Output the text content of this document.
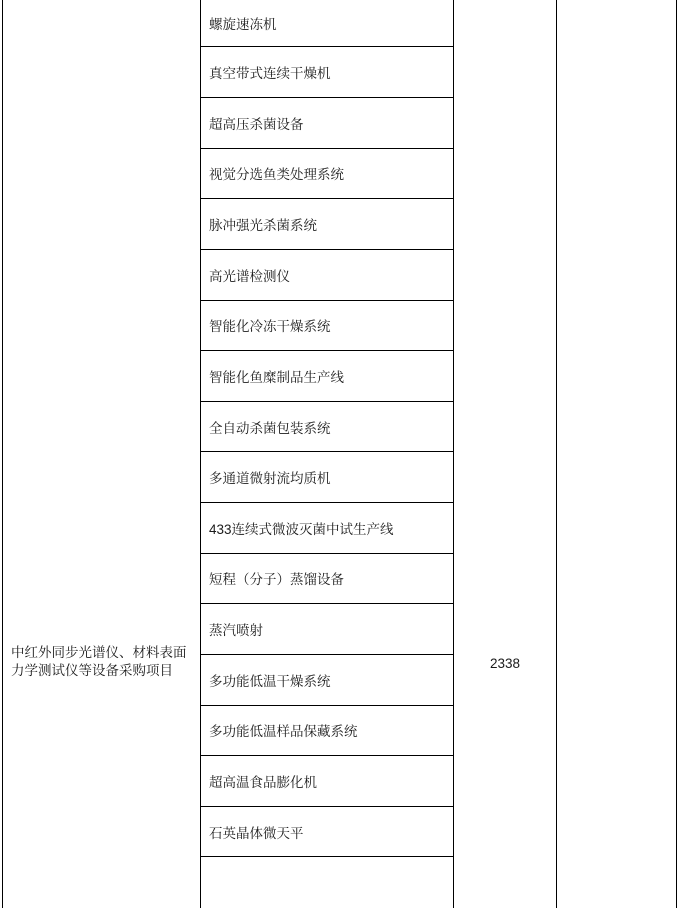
中红外同步光谱仪、材料表面力学测试仪等设备采购项目
螺旋速冻机
真空带式连续干燥机
超高压杀菌设备
视觉分选鱼类处理系统
脉冲强光杀菌系统
高光谱检测仪
智能化冷冻干燥系统
智能化鱼糜制品生产线
全自动杀菌包装系统
多通道微射流均质机
433连续式微波灭菌中试生产线
短程（分子）蒸馏设备
蒸汽喷射
多功能低温干燥系统
多功能低温样品保藏系统
超高温食品膨化机
石英晶体微天平
2338
